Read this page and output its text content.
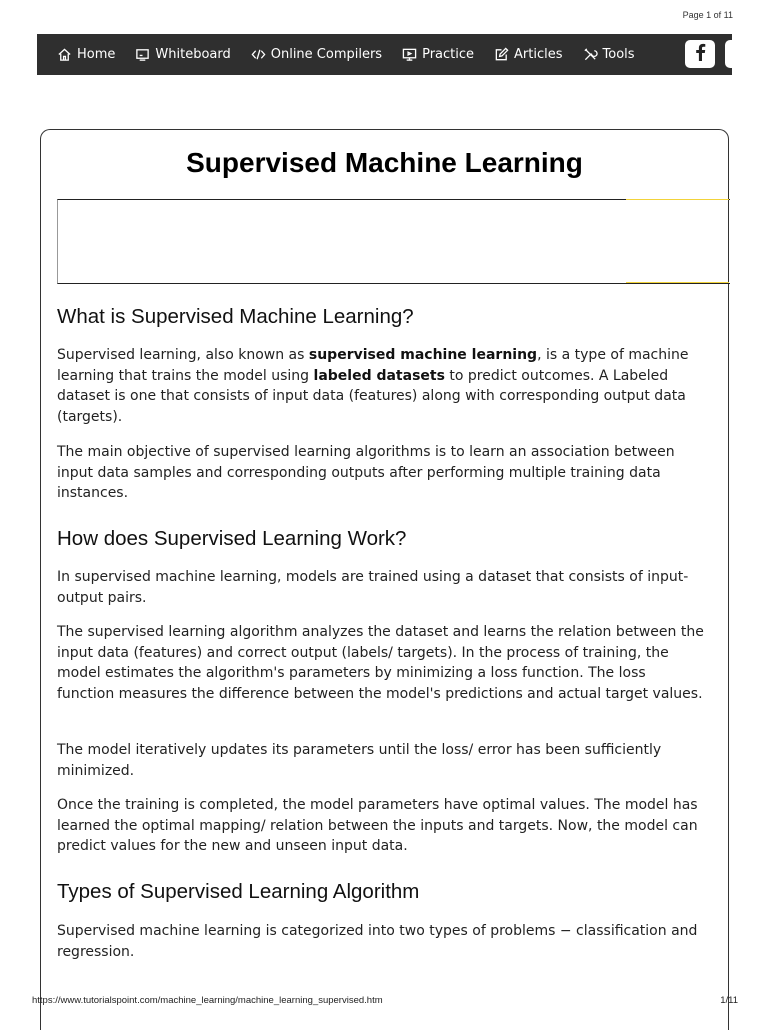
Page 1 of 11
Home	Whiteboard	Online Compilers	Practice	Articles	Tools
Supervised Machine Learning
What is Supervised Machine Learning?

Supervised learning, also known as supervised machine learning, is a type of machine learning that trains the model using labeled datasets to predict outcomes. A Labeled dataset is one that consists of input data (features) along with corresponding output data (targets).

The main objective of supervised learning algorithms is to learn an association between input data samples and corresponding outputs after performing multiple training data instances.

How does Supervised Learning Work?

In supervised machine learning, models are trained using a dataset that consists of input-output pairs.

The supervised learning algorithm analyzes the dataset and learns the relation between the input data (features) and correct output (labels/ targets). In the process of training, the model estimates the algorithm's parameters by minimizing a loss function. The loss function measures the difference between the model's predictions and actual target values.

The model iteratively updates its parameters until the loss/ error has been sufficiently minimized.

Once the training is completed, the model parameters have optimal values. The model has learned the optimal mapping/ relation between the inputs and targets. Now, the model can predict values for the new and unseen input data.

Types of Supervised Learning Algorithm

Supervised machine learning is categorized into two types of problems − classification and regression.

https://www.tutorialspoint.com/machine_learning/machine_learning_supervised.htm	1/11
